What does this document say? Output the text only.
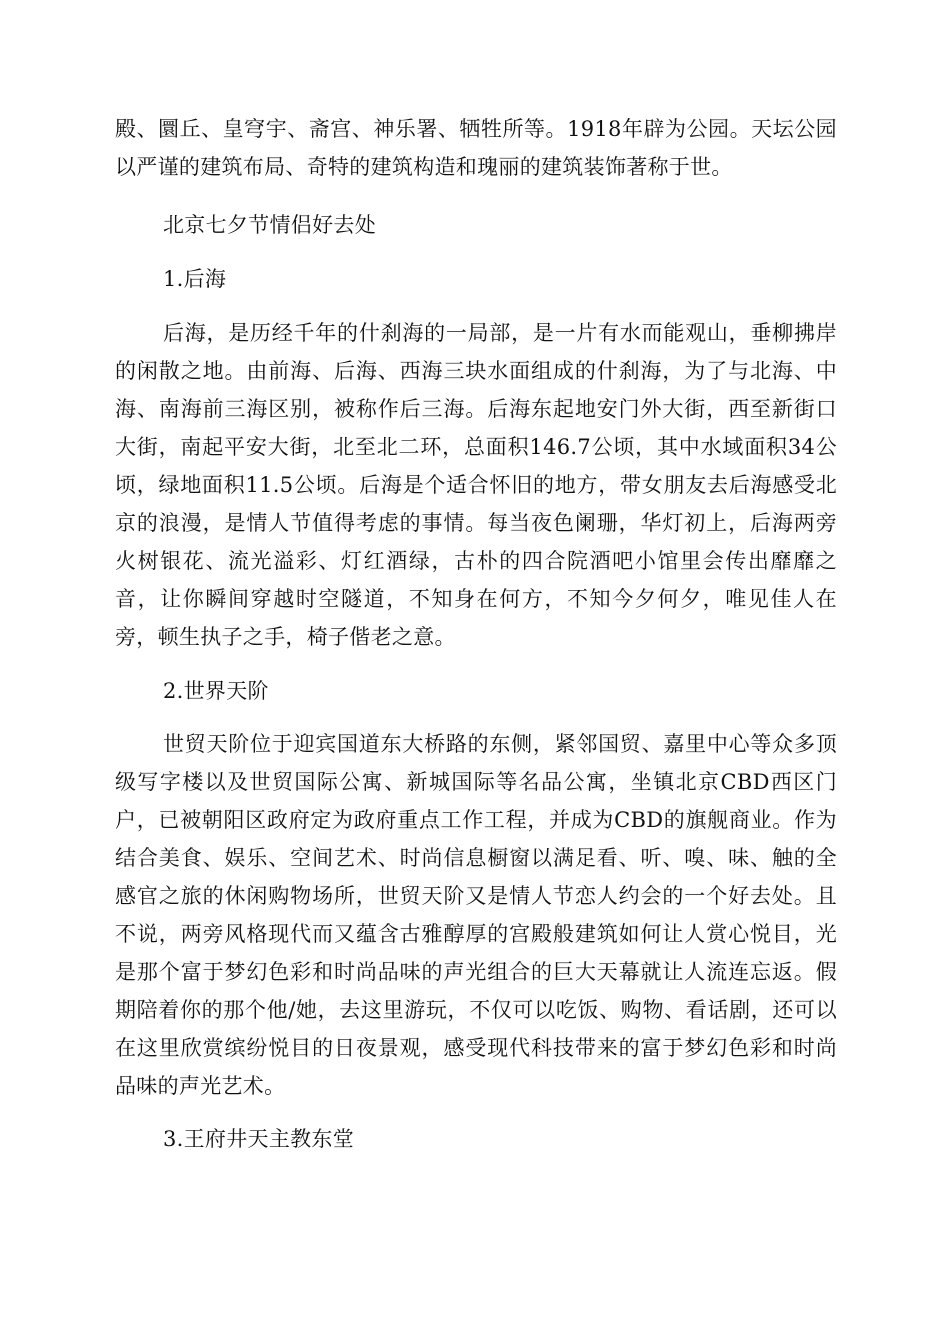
殿、圜丘、皇穹宇、斋宫、神乐署、牺牲所等。1918年辟为公园。天坛公园以严谨的建筑布局、奇特的建筑构造和瑰丽的建筑装饰著称于世。

北京七夕节情侣好去处

1.后海

后海，是历经千年的什刹海的一局部，是一片有水而能观山，垂柳拂岸的闲散之地。由前海、后海、西海三块水面组成的什刹海，为了与北海、中海、南海前三海区别，被称作后三海。后海东起地安门外大街，西至新街口大街，南起平安大街，北至北二环，总面积146.7公顷，其中水域面积34公顷，绿地面积11.5公顷。后海是个适合怀旧的地方，带女朋友去后海感受北京的浪漫，是情人节值得考虑的事情。每当夜色阑珊，华灯初上，后海两旁火树银花、流光溢彩、灯红酒绿，古朴的四合院酒吧小馆里会传出靡靡之音，让你瞬间穿越时空隧道，不知身在何方，不知今夕何夕，唯见佳人在旁，顿生执子之手，椅子偕老之意。

2.世界天阶

世贸天阶位于迎宾国道东大桥路的东侧，紧邻国贸、嘉里中心等众多顶级写字楼以及世贸国际公寓、新城国际等名品公寓，坐镇北京CBD西区门户，已被朝阳区政府定为政府重点工作工程，并成为CBD的旗舰商业。作为结合美食、娱乐、空间艺术、时尚信息橱窗以满足看、听、嗅、味、触的全感官之旅的休闲购物场所，世贸天阶又是情人节恋人约会的一个好去处。且不说，两旁风格现代而又蕴含古雅醇厚的宫殿般建筑如何让人赏心悦目，光是那个富于梦幻色彩和时尚品味的声光组合的巨大天幕就让人流连忘返。假期陪着你的那个他/她，去这里游玩，不仅可以吃饭、购物、看话剧，还可以在这里欣赏缤纷悦目的日夜景观，感受现代科技带来的富于梦幻色彩和时尚品味的声光艺术。

3.王府井天主教东堂
